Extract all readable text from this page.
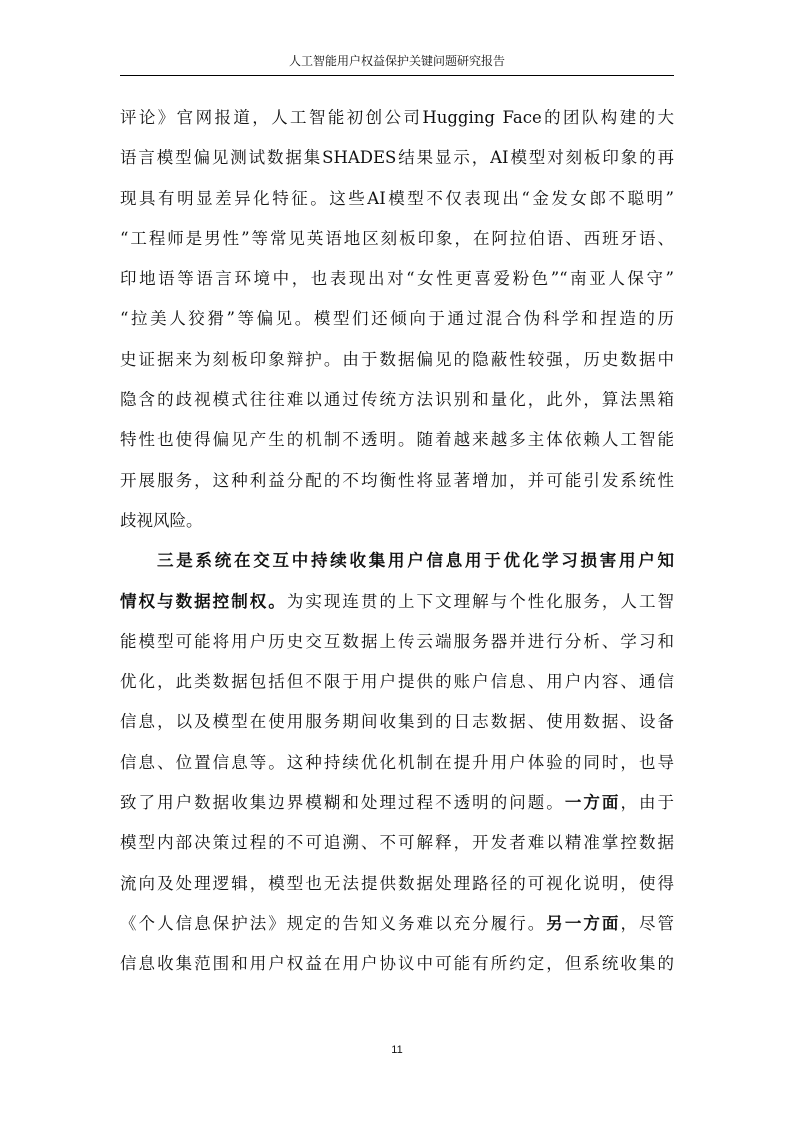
人工智能用户权益保护关键问题研究报告
评论》官网报道，人工智能初创公司Hugging Face的团队构建的大
语言模型偏见测试数据集SHADES结果显示，AI模型对刻板印象的再
现具有明显差异化特征。这些AI模型不仅表现出“金发女郎不聪明”
“工程师是男性”等常见英语地区刻板印象，在阿拉伯语、西班牙语、
印地语等语言环境中，也表现出对“女性更喜爱粉色”“南亚人保守”
“拉美人狡猾”等偏见。模型们还倾向于通过混合伪科学和捏造的历
史证据来为刻板印象辩护。由于数据偏见的隐蔽性较强，历史数据中
隐含的歧视模式往往难以通过传统方法识别和量化，此外，算法黑箱
特性也使得偏见产生的机制不透明。随着越来越多主体依赖人工智能
开展服务，这种利益分配的不均衡性将显著增加，并可能引发系统性
歧视风险。
三是系统在交互中持续收集用户信息用于优化学习损害用户知
情权与数据控制权。为实现连贯的上下文理解与个性化服务，人工智
能模型可能将用户历史交互数据上传云端服务器并进行分析、学习和
优化，此类数据包括但不限于用户提供的账户信息、用户内容、通信
信息，以及模型在使用服务期间收集到的日志数据、使用数据、设备
信息、位置信息等。这种持续优化机制在提升用户体验的同时，也导
致了用户数据收集边界模糊和处理过程不透明的问题。一方面，由于
模型内部决策过程的不可追溯、不可解释，开发者难以精准掌控数据
流向及处理逻辑，模型也无法提供数据处理路径的可视化说明，使得
《个人信息保护法》规定的告知义务难以充分履行。另一方面，尽管
信息收集范围和用户权益在用户协议中可能有所约定，但系统收集的
11
